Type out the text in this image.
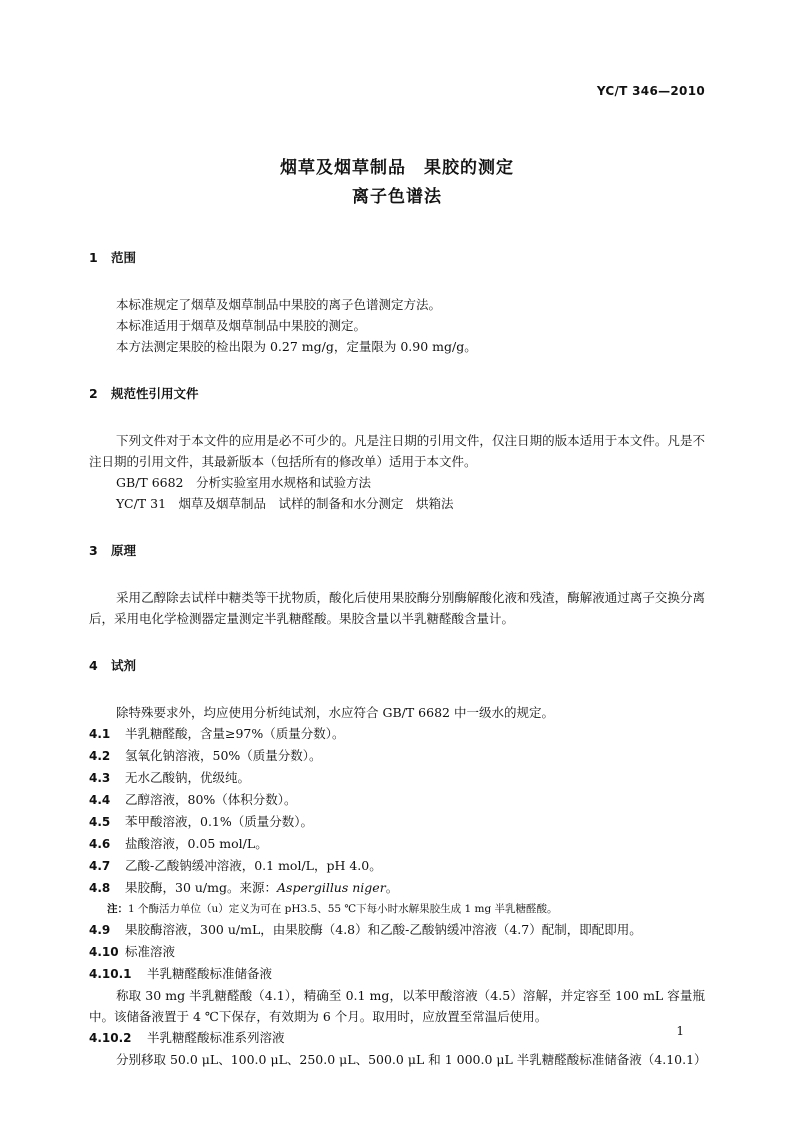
YC/T 346—2010
烟草及烟草制品　果胶的测定
离子色谱法
1 范围

本标准规定了烟草及烟草制品中果胶的离子色谱测定方法。

本标准适用于烟草及烟草制品中果胶的测定。

本方法测定果胶的检出限为 0.27 mg/g，定量限为 0.90 mg/g。

2 规范性引用文件

下列文件对于本文件的应用是必不可少的。凡是注日期的引用文件，仅注日期的版本适用于本文件。凡是不注日期的引用文件，其最新版本（包括所有的修改单）适用于本文件。

GB/T 6682　分析实验室用水规格和试验方法

YC/T 31　烟草及烟草制品　试样的制备和水分测定　烘箱法

3 原理

采用乙醇除去试样中糖类等干扰物质，酸化后使用果胶酶分别酶解酸化液和残渣，酶解液通过离子交换分离后，采用电化学检测器定量测定半乳糖醛酸。果胶含量以半乳糖醛酸含量计。

4 试剂

除特殊要求外，均应使用分析纯试剂，水应符合 GB/T 6682 中一级水的规定。

4.1 半乳糖醛酸，含量≥97%（质量分数）。

4.2 氢氧化钠溶液，50%（质量分数）。

4.3 无水乙酸钠，优级纯。

4.4 乙醇溶液，80%（体积分数）。

4.5 苯甲酸溶液，0.1%（质量分数）。

4.6 盐酸溶液，0.05 mol/L。

4.7 乙酸-乙酸钠缓冲溶液，0.1 mol/L，pH 4.0。

4.8 果胶酶，30 u/mg。来源：Aspergillus niger。

注：1 个酶活力单位（u）定义为可在 pH3.5、55 ℃下每小时水解果胶生成 1 mg 半乳糖醛酸。

4.9 果胶酶溶液，300 u/mL，由果胶酶（4.8）和乙酸-乙酸钠缓冲溶液（4.7）配制，即配即用。

4.10 标准溶液

4.10.1 半乳糖醛酸标准储备液

称取 30 mg 半乳糖醛酸（4.1），精确至 0.1 mg，以苯甲酸溶液（4.5）溶解，并定容至 100 mL 容量瓶中。该储备液置于 4 ℃下保存，有效期为 6 个月。取用时，应放置至常温后使用。

4.10.2 半乳糖醛酸标准系列溶液

分别移取 50.0 μL、100.0 μL、250.0 μL、500.0 μL 和 1 000.0 μL 半乳糖醛酸标准储备液（4.10.1）

1
